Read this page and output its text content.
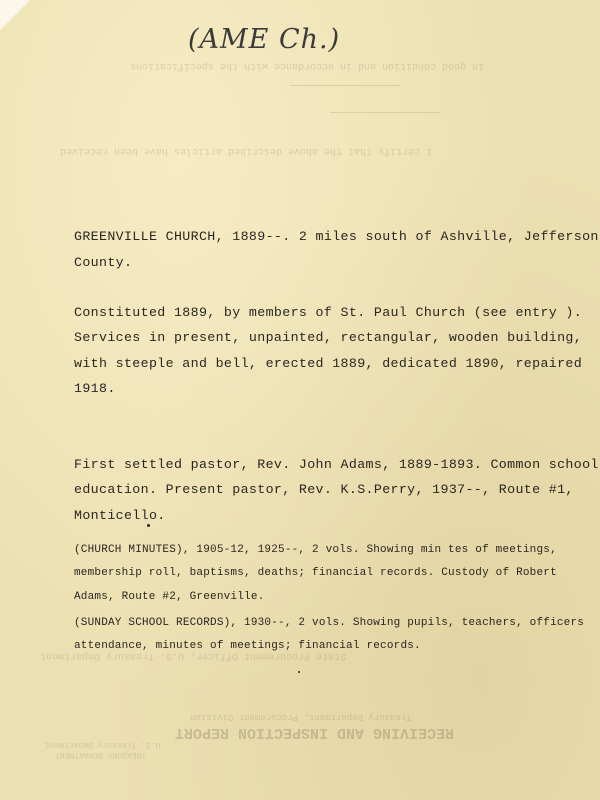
in good condition and in accordance with the specifications
I certify that the above described articles have been received
State Procurement Officer, U.S. Treasury Department
Treasury Department, Procurement Division
RECEIVING AND INSPECTION REPORT
U.S. Treasury Department
TREASURY DEPARTMENT
(AME Ch.)
GREENVILLE CHURCH, 1889--. 2 miles south of Ashville, Jefferson
County.
Constituted 1889, by members of St. Paul Church (see entry ).
Services in present, unpainted, rectangular, wooden building,
with steeple and bell, erected 1889, dedicated 1890, repaired
1918.
First settled pastor, Rev. John Adams, 1889-1893. Common school
education. Present pastor, Rev. K.S.Perry, 1937--, Route #1,
Monticello.
(CHURCH MINUTES), 1905-12, 1925--, 2 vols. Showing min tes of meetings,
membership roll, baptisms, deaths; financial records. Custody of Robert
Adams, Route #2, Greenville.
(SUNDAY SCHOOL RECORDS), 1930--, 2 vols. Showing pupils, teachers, officers
attendance, minutes of meetings; financial records.
